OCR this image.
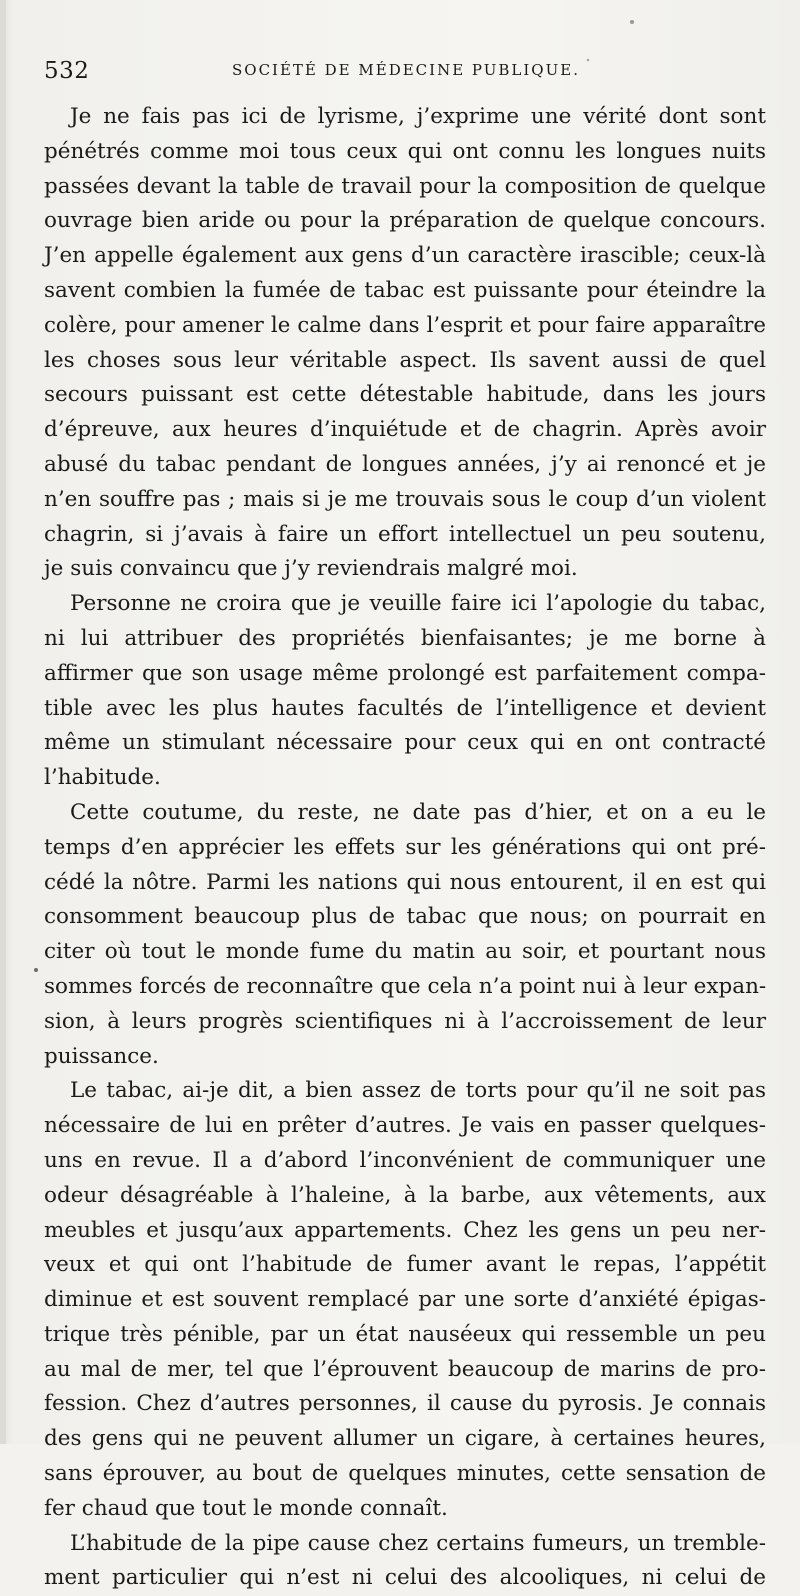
532	SOCIÉTÉ DE MÉDECINE PUBLIQUE.

Je ne fais pas ici de lyrisme, j’exprime une vérité dont sont
pénétrés comme moi tous ceux qui ont connu les longues nuits
passées devant la table de travail pour la composition de quelque
ouvrage bien aride ou pour la préparation de quelque concours.
J’en appelle également aux gens d’un caractère irascible; ceux-là
savent combien la fumée de tabac est puissante pour éteindre la
colère, pour amener le calme dans l’esprit et pour faire apparaître
les choses sous leur véritable aspect. Ils savent aussi de quel
secours puissant est cette détestable habitude, dans les jours
d’épreuve, aux heures d’inquiétude et de chagrin. Après avoir
abusé du tabac pendant de longues années, j’y ai renoncé et je
n’en souffre pas ; mais si je me trouvais sous le coup d’un violent
chagrin, si j’avais à faire un effort intellectuel un peu soutenu,
je suis convaincu que j’y reviendrais malgré moi.

Personne ne croira que je veuille faire ici l’apologie du tabac,
ni lui attribuer des propriétés bienfaisantes; je me borne à
affirmer que son usage même prolongé est parfaitement compa-
tible avec les plus hautes facultés de l’intelligence et devient
même un stimulant nécessaire pour ceux qui en ont contracté
l’habitude.

Cette coutume, du reste, ne date pas d’hier, et on a eu le
temps d’en apprécier les effets sur les générations qui ont pré-
cédé la nôtre. Parmi les nations qui nous entourent, il en est qui
consomment beaucoup plus de tabac que nous; on pourrait en
citer où tout le monde fume du matin au soir, et pourtant nous
sommes forcés de reconnaître que cela n’a point nui à leur expan-
sion, à leurs progrès scientifiques ni à l’accroissement de leur
puissance.

Le tabac, ai-je dit, a bien assez de torts pour qu’il ne soit pas
nécessaire de lui en prêter d’autres. Je vais en passer quelques-
uns en revue. Il a d’abord l’inconvénient de communiquer une
odeur désagréable à l’haleine, à la barbe, aux vêtements, aux
meubles et jusqu’aux appartements. Chez les gens un peu ner-
veux et qui ont l’habitude de fumer avant le repas, l’appétit
diminue et est souvent remplacé par une sorte d’anxiété épigas-
trique très pénible, par un état nauséeux qui ressemble un peu
au mal de mer, tel que l’éprouvent beaucoup de marins de pro-
fession. Chez d’autres personnes, il cause du pyrosis. Je connais
des gens qui ne peuvent allumer un cigare, à certaines heures,
sans éprouver, au bout de quelques minutes, cette sensation de
fer chaud que tout le monde connaît.

L’habitude de la pipe cause chez certains fumeurs, un tremble-
ment particulier qui n’est ni celui des alcooliques, ni celui de
